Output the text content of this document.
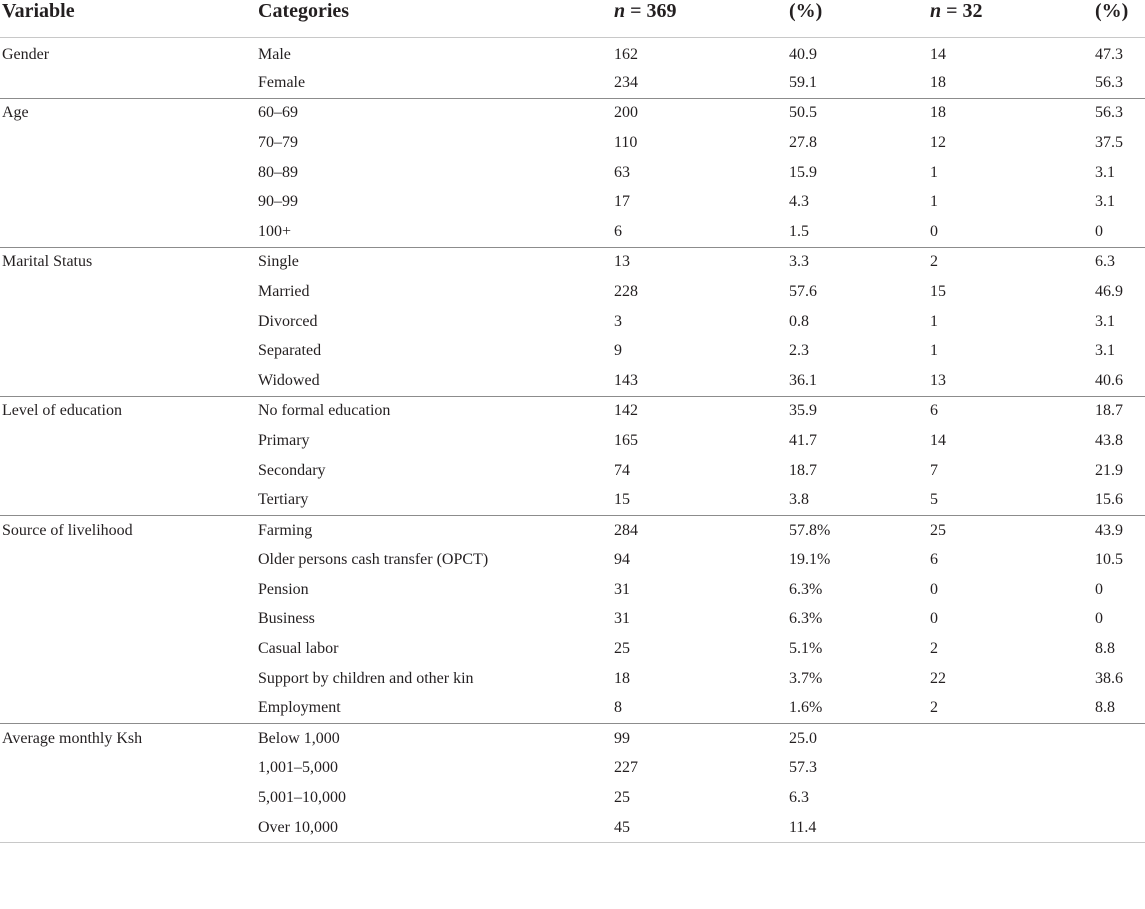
Variable	Categories	n = 369	(%)	n = 32	(%)
Gender	Male	162	40.9	14	47.3
	Female	234	59.1	18	56.3
Age	60–69	200	50.5	18	56.3
	70–79	110	27.8	12	37.5
	80–89	63	15.9	1	3.1
	90–99	17	4.3	1	3.1
	100+	6	1.5	0	0
Marital Status	Single	13	3.3	2	6.3
	Married	228	57.6	15	46.9
	Divorced	3	0.8	1	3.1
	Separated	9	2.3	1	3.1
	Widowed	143	36.1	13	40.6
Level of education	No formal education	142	35.9	6	18.7
	Primary	165	41.7	14	43.8
	Secondary	74	18.7	7	21.9
	Tertiary	15	3.8	5	15.6
Source of livelihood	Farming	284	57.8%	25	43.9
	Older persons cash transfer (OPCT)	94	19.1%	6	10.5
	Pension	31	6.3%	0	0
	Business	31	6.3%	0	0
	Casual labor	25	5.1%	2	8.8
	Support by children and other kin	18	3.7%	22	38.6
	Employment	8	1.6%	2	8.8
Average monthly Ksh	Below 1,000	99	25.0		
	1,001–5,000	227	57.3		
	5,001–10,000	25	6.3		
	Over 10,000	45	11.4		
